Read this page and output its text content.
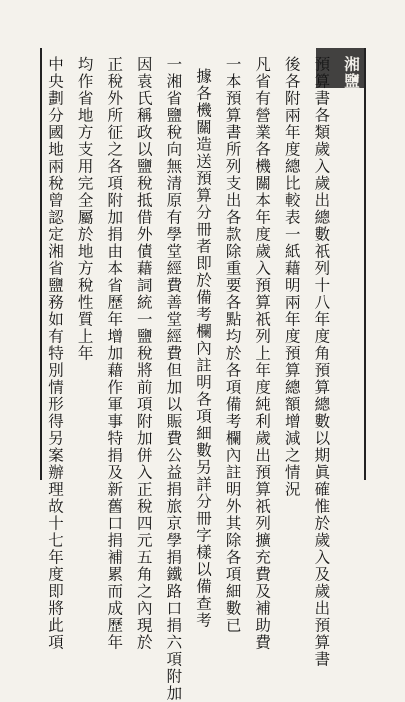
湘鹽稅
預算書各類歲入歲出總數祇列十八年度角預算總數以期眞確惟於歲入及歲出預算書
後各附兩年度總比較表一紙藉明兩年度預算總額增減之情況
凡省有營業各機關本年度歲入預算祇列上年度純利歲出預算祇列擴充費及補助費
一本預算書所列支出各款除重要各點均於各項備考欄內註明外其除各項細數已
據各機關造送預算分冊者即於備考欄內註明各項細數另詳分冊字樣以備查考
一湘省鹽稅向無清原有學堂經費善堂經費但加以賑費公益捐旅京學捐鐵路口捐六項附加
因袁氏稱政以鹽稅抵借外債藉詞統一鹽稅將前項附加併入正稅四元五角之內現於
正稅外所征之各項附加捐由本省歷年增加藉作軍事特捐及新舊口捐補累而成歷年
均作省地方支用完全屬於地方稅性質上年
中央劃分國地兩稅曾認定湘省鹽務如有特別情形得另案辦理故十七年度即將此項
